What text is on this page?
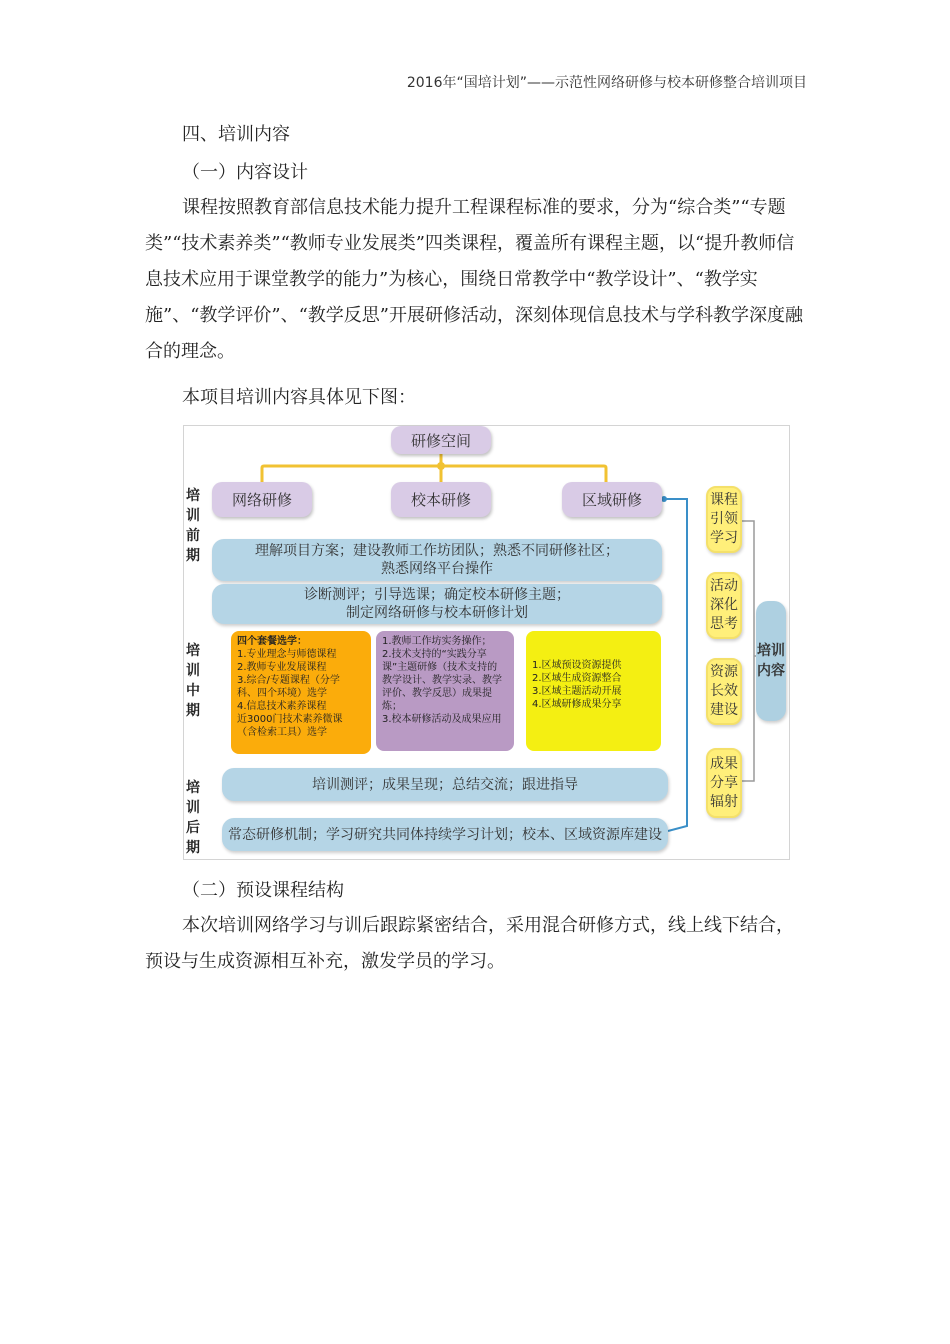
2016年“国培计划”——示范性网络研修与校本研修整合培训项目
四、培训内容
（一）内容设计
课程按照教育部信息技术能力提升工程课程标准的要求，分为“综合类”“专题类”“技术素养类”“教师专业发展类”四类课程，覆盖所有课程主题，以“提升教师信息技术应用于课堂教学的能力”为核心，围绕日常教学中“教学设计”、“教学实施”、“教学评价”、“教学反思”开展研修活动，深刻体现信息技术与学科教学深度融合的理念。
本项目培训内容具体见下图：
研修空间
网络研修	校本研修	区域研修
培训前期
培训中期
培训后期
理解项目方案；建设教师工作坊团队；熟悉不同研修社区；
熟悉网络平台操作
诊断测评；引导选课；确定校本研修主题；
制定网络研修与校本研修计划
四个套餐选学：
1.专业理念与师德课程
2.教师专业发展课程
3.综合/专题课程（分学
科、四个环境）选学
4.信息技术素养课程
近3000门技术素养微课
（含检索工具）选学
1.教师工作坊实务操作；
2.技术支持的“实践分享
课”主题研修（技术支持的
教学设计、教学实录、教学
评价、教学反思）成果提
炼；
3.校本研修活动及成果应用
1.区域预设资源提供
2.区域生成资源整合
3.区域主题活动开展
4.区域研修成果分享
培训测评；成果呈现；总结交流；跟进指导
常态研修机制；学习研究共同体持续学习计划；校本、区域资源库建设
课程引领学习
活动深化思考
资源长效建设
成果分享辐射
培训内容
（二）预设课程结构
本次培训网络学习与训后跟踪紧密结合，采用混合研修方式，线上线下结合，预设与生成资源相互补充，激发学员的学习。
